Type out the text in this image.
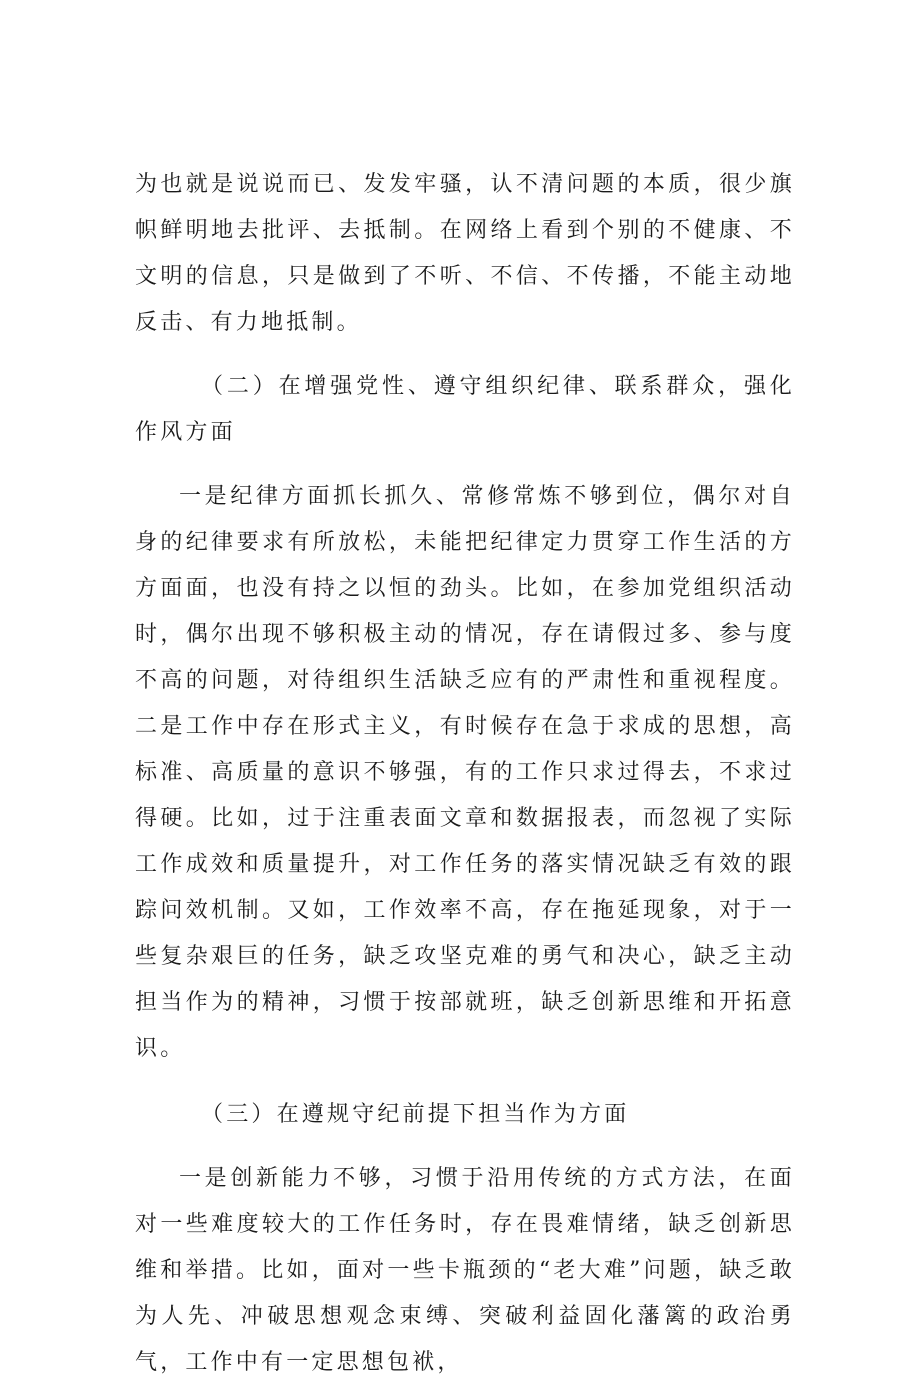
为也就是说说而已、发发牢骚，认不清问题的本质，很少旗帜鲜明地去批评、去抵制。在网络上看到个别的不健康、不文明的信息，只是做到了不听、不信、不传播，不能主动地反击、有力地抵制。

（二）在增强党性、遵守组织纪律、联系群众，强化作风方面

一是纪律方面抓长抓久、常修常炼不够到位，偶尔对自身的纪律要求有所放松，未能把纪律定力贯穿工作生活的方方面面，也没有持之以恒的劲头。比如，在参加党组织活动时，偶尔出现不够积极主动的情况，存在请假过多、参与度不高的问题，对待组织生活缺乏应有的严肃性和重视程度。二是工作中存在形式主义，有时候存在急于求成的思想，高标准、高质量的意识不够强，有的工作只求过得去，不求过得硬。比如，过于注重表面文章和数据报表，而忽视了实际工作成效和质量提升，对工作任务的落实情况缺乏有效的跟踪问效机制。又如，工作效率不高，存在拖延现象，对于一些复杂艰巨的任务，缺乏攻坚克难的勇气和决心，缺乏主动担当作为的精神，习惯于按部就班，缺乏创新思维和开拓意识。

（三）在遵规守纪前提下担当作为方面

一是创新能力不够，习惯于沿用传统的方式方法，在面对一些难度较大的工作任务时，存在畏难情绪，缺乏创新思维和举措。比如，面对一些卡瓶颈的“老大难”问题，缺乏敢为人先、冲破思想观念束缚、突破利益固化藩篱的政治勇气，工作中有一定思想包袱，
